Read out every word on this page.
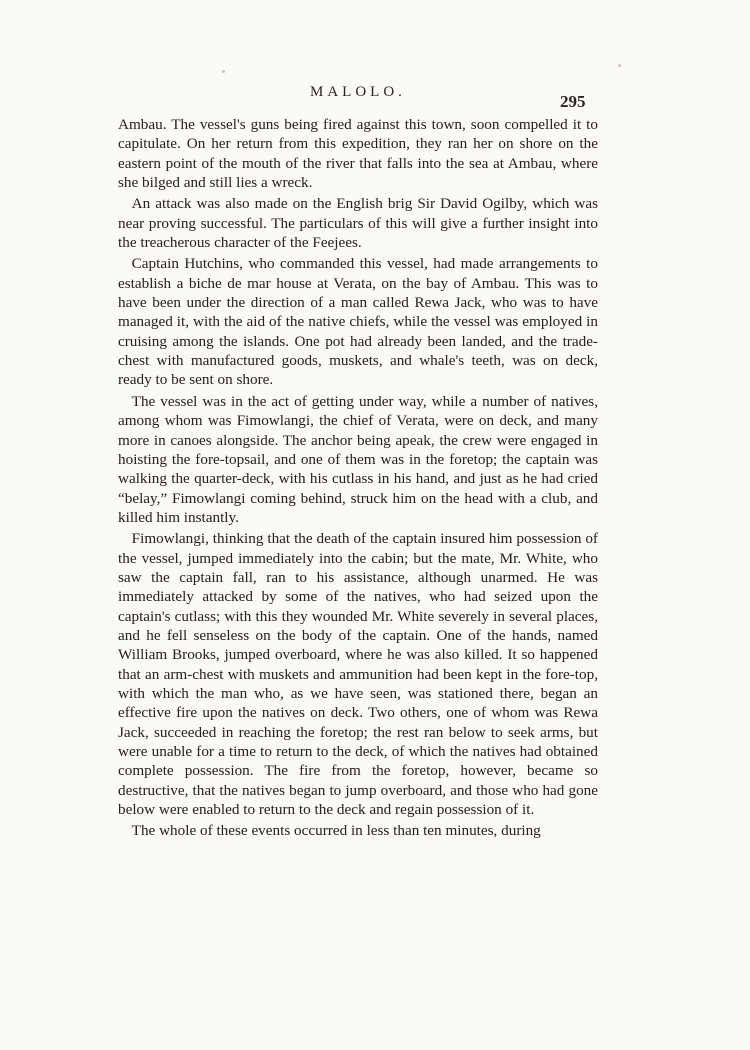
MALOLO.	295

Ambau. The vessel's guns being fired against this town, soon compelled it to capitulate. On her return from this expedition, they ran her on shore on the eastern point of the mouth of the river that falls into the sea at Ambau, where she bilged and still lies a wreck.

An attack was also made on the English brig Sir David Ogilby, which was near proving successful. The particulars of this will give a further insight into the treacherous character of the Feejees.

Captain Hutchins, who commanded this vessel, had made arrangements to establish a biche de mar house at Verata, on the bay of Ambau. This was to have been under the direction of a man called Rewa Jack, who was to have managed it, with the aid of the native chiefs, while the vessel was employed in cruising among the islands. One pot had already been landed, and the trade-chest with manufactured goods, muskets, and whale's teeth, was on deck, ready to be sent on shore.

The vessel was in the act of getting under way, while a number of natives, among whom was Fimowlangi, the chief of Verata, were on deck, and many more in canoes alongside. The anchor being apeak, the crew were engaged in hoisting the fore-topsail, and one of them was in the foretop; the captain was walking the quarter-deck, with his cutlass in his hand, and just as he had cried “belay,” Fimowlangi coming behind, struck him on the head with a club, and killed him instantly.

Fimowlangi, thinking that the death of the captain insured him possession of the vessel, jumped immediately into the cabin; but the mate, Mr. White, who saw the captain fall, ran to his assistance, although unarmed. He was immediately attacked by some of the natives, who had seized upon the captain's cutlass; with this they wounded Mr. White severely in several places, and he fell senseless on the body of the captain. One of the hands, named William Brooks, jumped overboard, where he was also killed. It so happened that an arm-chest with muskets and ammunition had been kept in the fore-top, with which the man who, as we have seen, was stationed there, began an effective fire upon the natives on deck. Two others, one of whom was Rewa Jack, succeeded in reaching the foretop; the rest ran below to seek arms, but were unable for a time to return to the deck, of which the natives had obtained complete possession. The fire from the foretop, however, became so destructive, that the natives began to jump overboard, and those who had gone below were enabled to return to the deck and regain possession of it.

The whole of these events occurred in less than ten minutes, during
